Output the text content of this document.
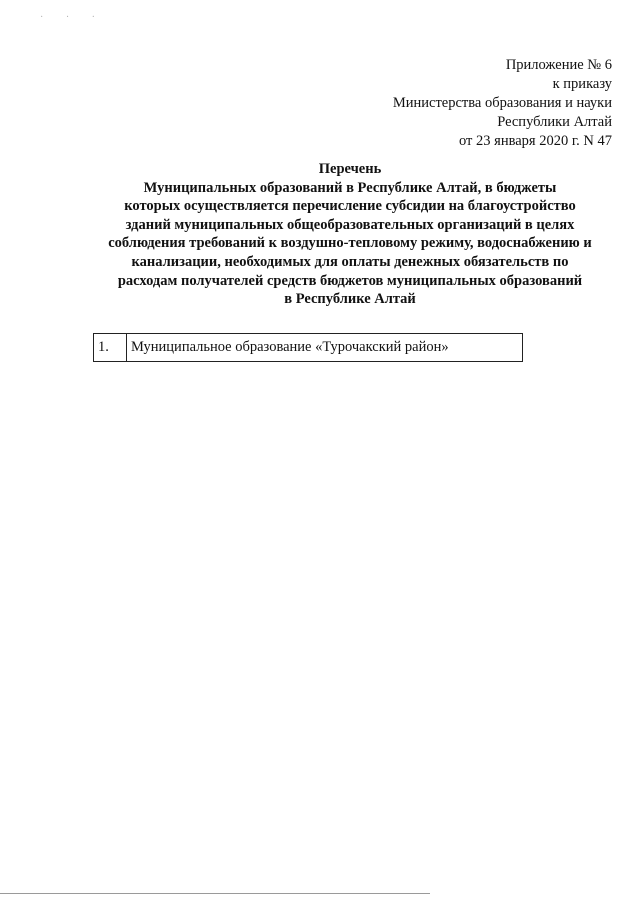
· · ·
Приложение № 6
к приказу
Министерства образования и науки
Республики Алтай
от 23 января 2020 г. N 47
Перечень
Муниципальных образований в Республике Алтай, в бюджеты
которых осуществляется перечисление субсидии на благоустройство
зданий муниципальных общеобразовательных организаций в целях
соблюдения требований к воздушно-тепловому режиму, водоснабжению и
канализации, необходимых для оплаты денежных обязательств по
расходам получателей средств бюджетов муниципальных образований
в Республике Алтай
1.	Муниципальное образование «Турочакский район»
